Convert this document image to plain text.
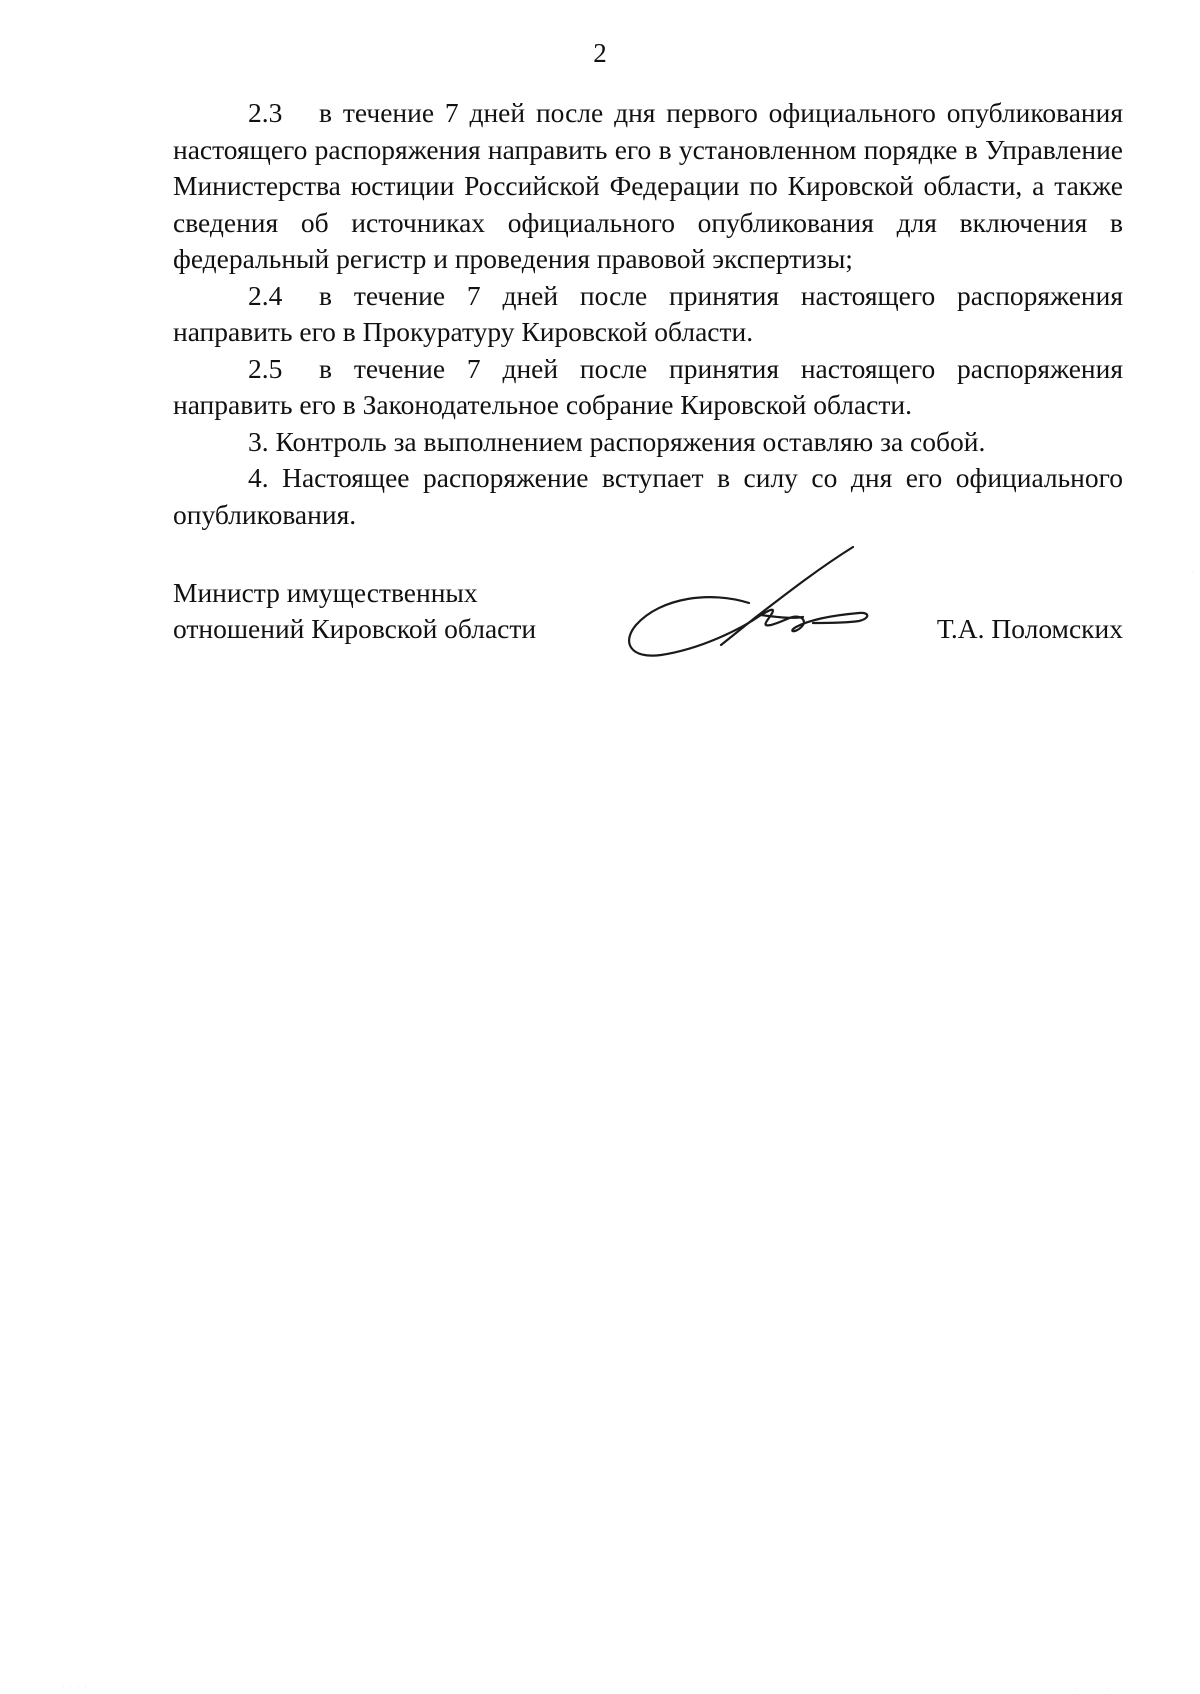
2

2.3 в течение 7 дней после дня первого официального опубликования настоящего распоряжения направить его в установленном порядке в Управление Министерства юстиции Российской Федерации по Кировской области, а также сведения об источниках официального опубликования для включения в федеральный регистр и проведения правовой экспертизы;

2.4 в течение 7 дней после принятия настоящего распоряжения направить его в Прокуратуру Кировской области.

2.5 в течение 7 дней после принятия настоящего распоряжения направить его в Законодательное собрание Кировской области.

3. Контроль за выполнением распоряжения оставляю за собой.

4. Настоящее распоряжение вступает в силу со дня его официального опубликования.

Министр имущественных
отношений Кировской области	Т.А. Поломских
· · · ·	·	·
·
